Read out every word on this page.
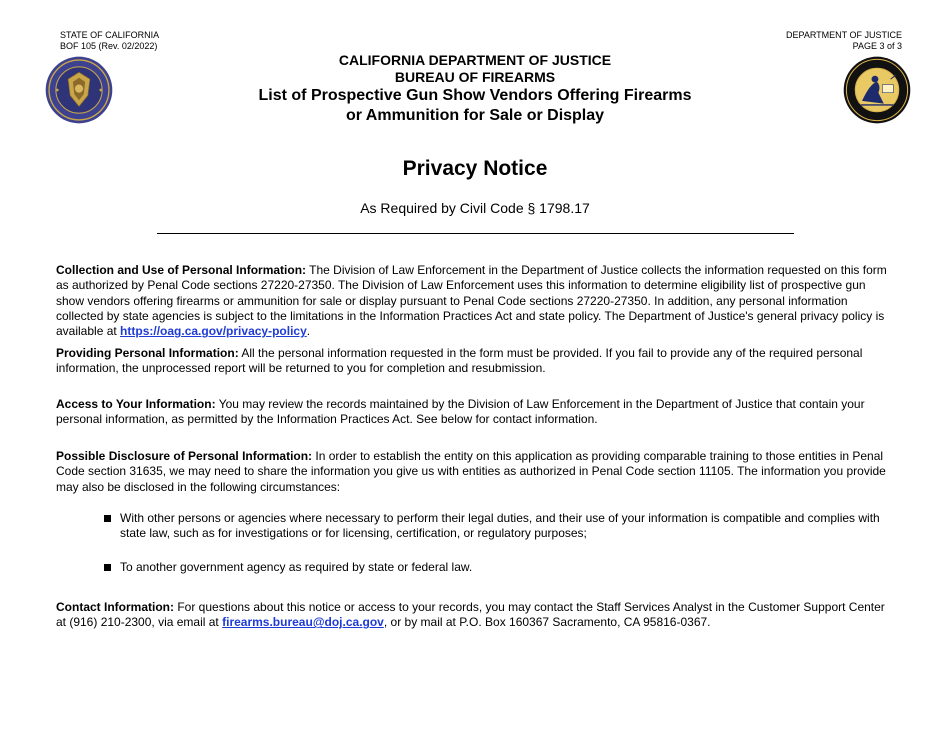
STATE OF CALIFORNIA
BOF 105 (Rev. 02/2022)
DEPARTMENT OF JUSTICE
PAGE 3 of 3
CALIFORNIA DEPARTMENT OF JUSTICE
BUREAU OF FIREARMS
List of Prospective Gun Show Vendors Offering Firearms
or Ammunition for Sale or Display
Privacy Notice
As Required by Civil Code § 1798.17
Collection and Use of Personal Information: The Division of Law Enforcement in the Department of Justice collects the information requested on this form as authorized by Penal Code sections 27220-27350. The Division of Law Enforcement uses this information to determine eligibility list of prospective gun show vendors offering firearms or ammunition for sale or display pursuant to Penal Code sections 27220-27350. In addition, any personal information collected by state agencies is subject to the limitations in the Information Practices Act and state policy. The Department of Justice's general privacy policy is available at https://oag.ca.gov/privacy-policy.
Providing Personal Information: All the personal information requested in the form must be provided. If you fail to provide any of the required personal information, the unprocessed report will be returned to you for completion and resubmission.
Access to Your Information: You may review the records maintained by the Division of Law Enforcement in the Department of Justice that contain your personal information, as permitted by the Information Practices Act. See below for contact information.
Possible Disclosure of Personal Information: In order to establish the entity on this application as providing comparable training to those entities in Penal Code section 31635, we may need to share the information you give us with entities as authorized in Penal Code section 11105. The information you provide may also be disclosed in the following circumstances:
With other persons or agencies where necessary to perform their legal duties, and their use of your information is compatible and complies with state law, such as for investigations or for licensing, certification, or regulatory purposes;
To another government agency as required by state or federal law.
Contact Information: For questions about this notice or access to your records, you may contact the Staff Services Analyst in the Customer Support Center at (916) 210-2300, via email at firearms.bureau@doj.ca.gov, or by mail at P.O. Box 160367 Sacramento, CA 95816-0367.
